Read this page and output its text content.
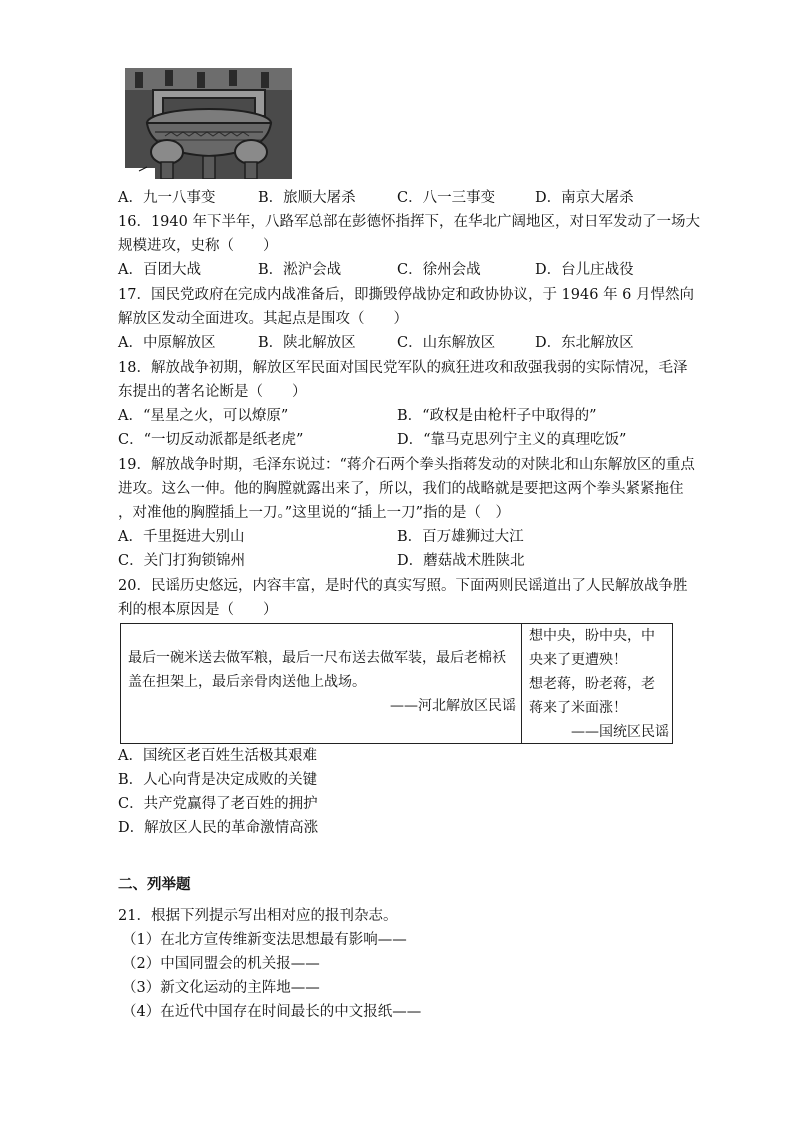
A．九一八事变	B．旅顺大屠杀	C．八一三事变	D．南京大屠杀
16．1940 年下半年，八路军总部在彭德怀指挥下，在华北广阔地区，对日军发动了一场大
规模进攻，史称（　　）
A．百团大战	B．淞沪会战	C．徐州会战	D．台儿庄战役
17．国民党政府在完成内战准备后，即撕毁停战协定和政协协议，于 1946 年 6 月悍然向
解放区发动全面进攻。其起点是围攻（　　）
A．中原解放区	B．陕北解放区	C．山东解放区	D．东北解放区
18．解放战争初期，解放区军民面对国民党军队的疯狂进攻和敌强我弱的实际情况，毛泽
东提出的著名论断是（　　）
A．“星星之火，可以燎原”	B．“政权是由枪杆子中取得的”
C．“一切反动派都是纸老虎”	D．“靠马克思列宁主义的真理吃饭”
19．解放战争时期，毛泽东说过：“蒋介石两个拳头指蒋发动的对陕北和山东解放区的重点
进攻。这么一伸。他的胸膛就露出来了，所以，我们的战略就是要把这两个拳头紧紧拖住
，对准他的胸膛插上一刀。”这里说的“插上一刀”指的是（　）
A．千里挺进大别山	B．百万雄狮过大江
C．关门打狗锁锦州	D．蘑菇战术胜陕北
20．民谣历史悠远，内容丰富，是时代的真实写照。下面两则民谣道出了人民解放战争胜
利的根本原因是（　　）
最后一碗米送去做军粮，最后一尺布送去做军装，最后老棉袄
盖在担架上，最后亲骨肉送他上战场。
——河北解放区民谣
想中央，盼中央，中
央来了更遭殃！
想老蒋，盼老蒋，老
蒋来了米面涨！
——国统区民谣
A．国统区老百姓生活极其艰难
B．人心向背是决定成败的关键
C．共产党赢得了老百姓的拥护
D．解放区人民的革命激情高涨
二、列举题
21．根据下列提示写出相对应的报刊杂志。
（1）在北方宣传维新变法思想最有影响——
（2）中国同盟会的机关报——
（3）新文化运动的主阵地——
（4）在近代中国存在时间最长的中文报纸——
